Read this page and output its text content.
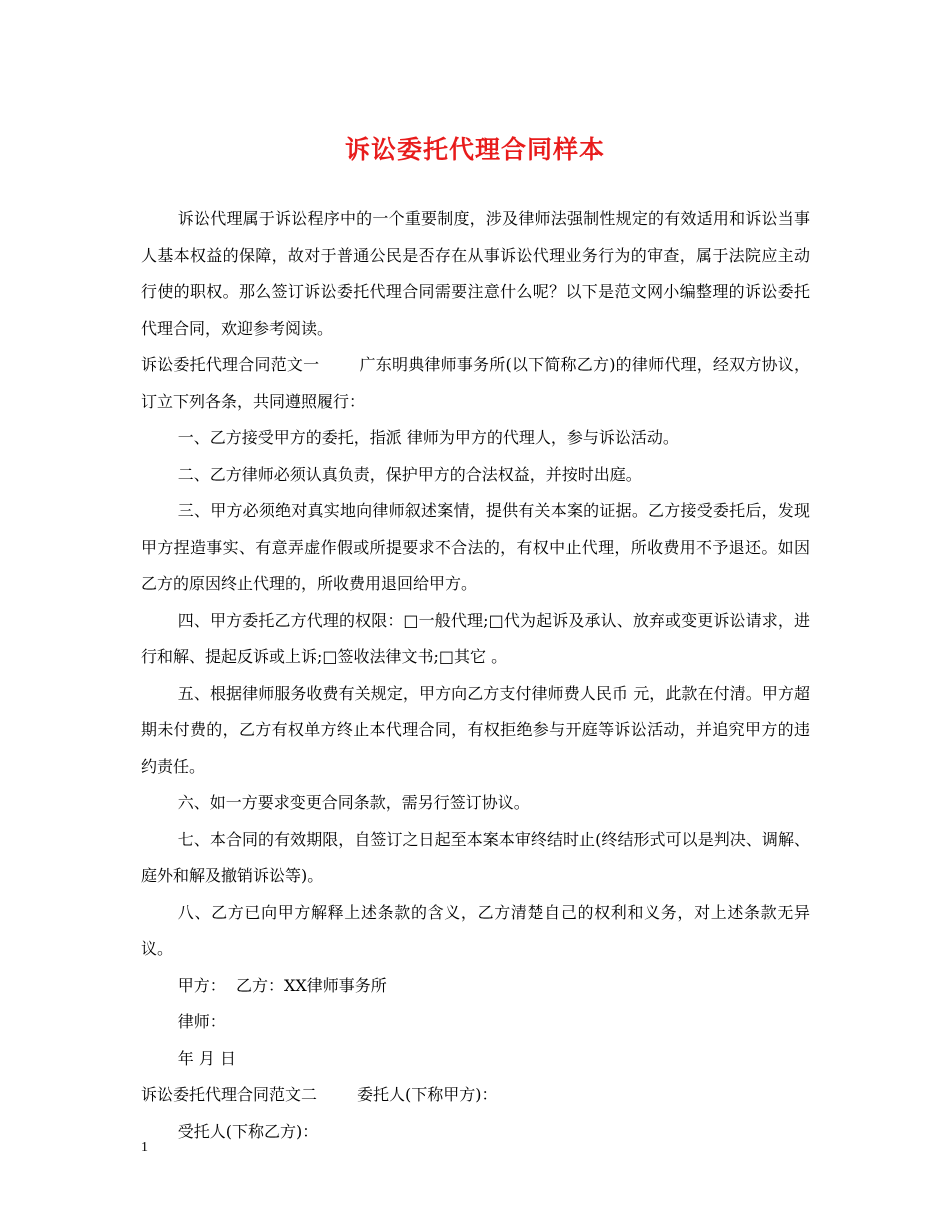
诉讼委托代理合同样本

诉讼代理属于诉讼程序中的一个重要制度，涉及律师法强制性规定的有效适用和诉讼当事人基本权益的保障，故对于普通公民是否存在从事诉讼代理业务行为的审查，属于法院应主动行使的职权。那么签订诉讼委托代理合同需要注意什么呢？以下是范文网小编整理的诉讼委托代理合同，欢迎参考阅读。

诉讼委托代理合同范文一	广东明典律师事务所(以下简称乙方)的律师代理，经双方协议，订立下列各条，共同遵照履行：

一、乙方接受甲方的委托，指派 律师为甲方的代理人，参与诉讼活动。

二、乙方律师必须认真负责，保护甲方的合法权益，并按时出庭。

三、甲方必须绝对真实地向律师叙述案情，提供有关本案的证据。乙方接受委托后，发现甲方捏造事实、有意弄虚作假或所提要求不合法的，有权中止代理，所收费用不予退还。如因乙方的原因终止代理的，所收费用退回给甲方。

四、甲方委托乙方代理的权限：□一般代理;□代为起诉及承认、放弃或变更诉讼请求，进行和解、提起反诉或上诉;□签收法律文书;□其它 。

五、根据律师服务收费有关规定，甲方向乙方支付律师费人民币 元，此款在付清。甲方超期未付费的，乙方有权单方终止本代理合同，有权拒绝参与开庭等诉讼活动，并追究甲方的违约责任。

六、如一方要求变更合同条款，需另行签订协议。

七、本合同的有效期限，自签订之日起至本案本审终结时止(终结形式可以是判决、调解、庭外和解及撤销诉讼等)。

八、乙方已向甲方解释上述条款的含义，乙方清楚自己的权利和义务，对上述条款无异议。

甲方： 乙方：XX律师事务所

律师：

年 月 日

诉讼委托代理合同范文二	委托人(下称甲方)：

受托人(下称乙方)：

1
